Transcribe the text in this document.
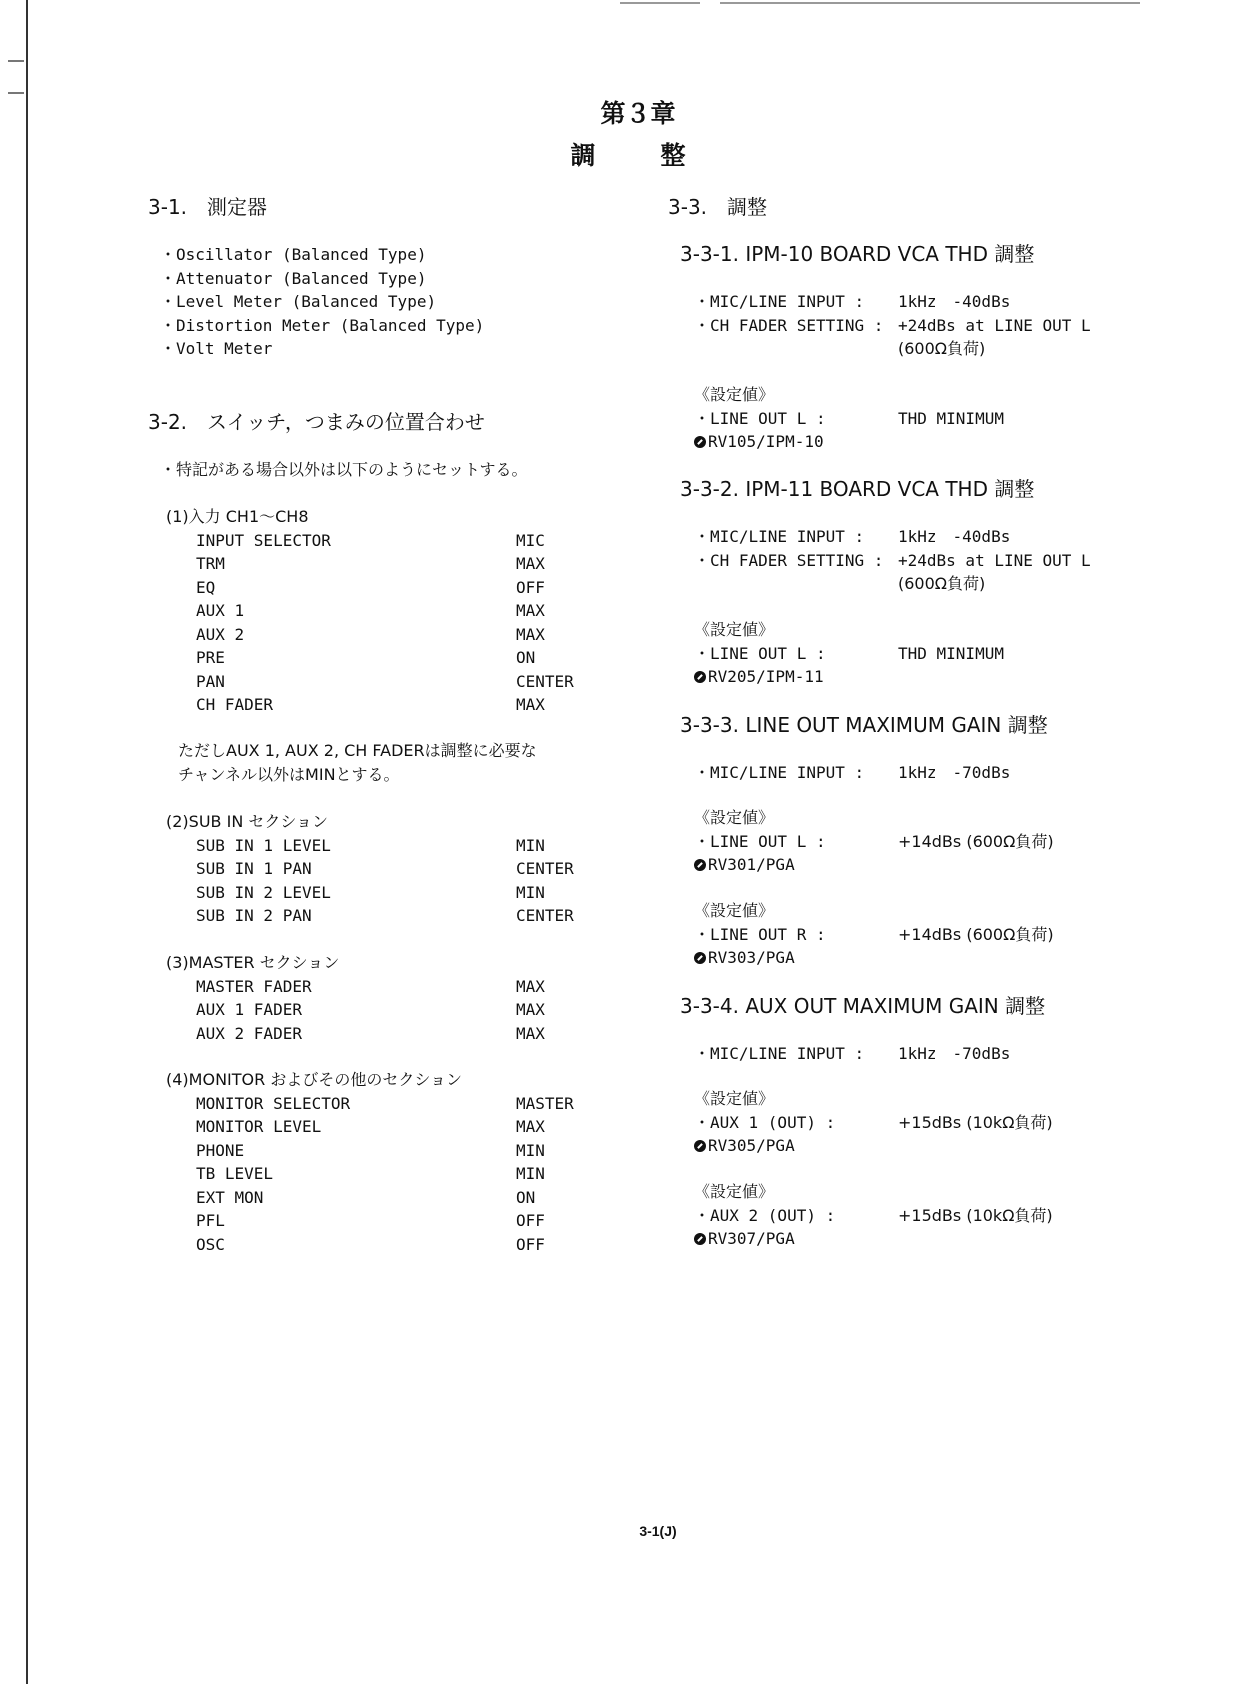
第３章
調　整
3-1.　測定器
・Oscillator (Balanced Type)
・Attenuator (Balanced Type)
・Level Meter (Balanced Type)
・Distortion Meter (Balanced Type)
・Volt Meter
3-2.　スイッチ，つまみの位置合わせ
・特記がある場合以外は以下のようにセットする。
(1)入力 CH1～CH8
INPUT SELECTOR	MIC
TRM	MAX
EQ	OFF
AUX 1	MAX
AUX 2	MAX
PRE	ON
PAN	CENTER
CH FADER	MAX
ただしAUX 1, AUX 2, CH FADERは調整に必要な
チャンネル以外はMINとする。
(2)SUB IN セクション
SUB IN 1 LEVEL	MIN
SUB IN 1 PAN	CENTER
SUB IN 2 LEVEL	MIN
SUB IN 2 PAN	CENTER
(3)MASTER セクション
MASTER FADER	MAX
AUX 1 FADER	MAX
AUX 2 FADER	MAX
(4)MONITOR およびその他のセクション
MONITOR SELECTOR	MASTER
MONITOR LEVEL	MAX
PHONE	MIN
TB LEVEL	MIN
EXT MON	ON
PFL	OFF
OSC	OFF
3-3.　調整
3-3-1. IPM-10 BOARD VCA THD 調整
・MIC/LINE INPUT :	1kHz　-40dBs
・CH FADER SETTING : +24dBs at LINE OUT L
(600Ω負荷)
《設定値》
・LINE OUT L :	THD MINIMUM
RV105/IPM-10
3-3-2. IPM-11 BOARD VCA THD 調整
・MIC/LINE INPUT :	1kHz　-40dBs
・CH FADER SETTING : +24dBs at LINE OUT L
(600Ω負荷)
《設定値》
・LINE OUT L :	THD MINIMUM
RV205/IPM-11
3-3-3. LINE OUT MAXIMUM GAIN 調整
・MIC/LINE INPUT :	1kHz　-70dBs
《設定値》
・LINE OUT L :	+14dBs (600Ω負荷)
RV301/PGA
《設定値》
・LINE OUT R :	+14dBs (600Ω負荷)
RV303/PGA
3-3-4. AUX OUT MAXIMUM GAIN 調整
・MIC/LINE INPUT :	1kHz　-70dBs
《設定値》
・AUX 1 (OUT) :	+15dBs (10kΩ負荷)
RV305/PGA
《設定値》
・AUX 2 (OUT) :	+15dBs (10kΩ負荷)
RV307/PGA
3-1(J)
